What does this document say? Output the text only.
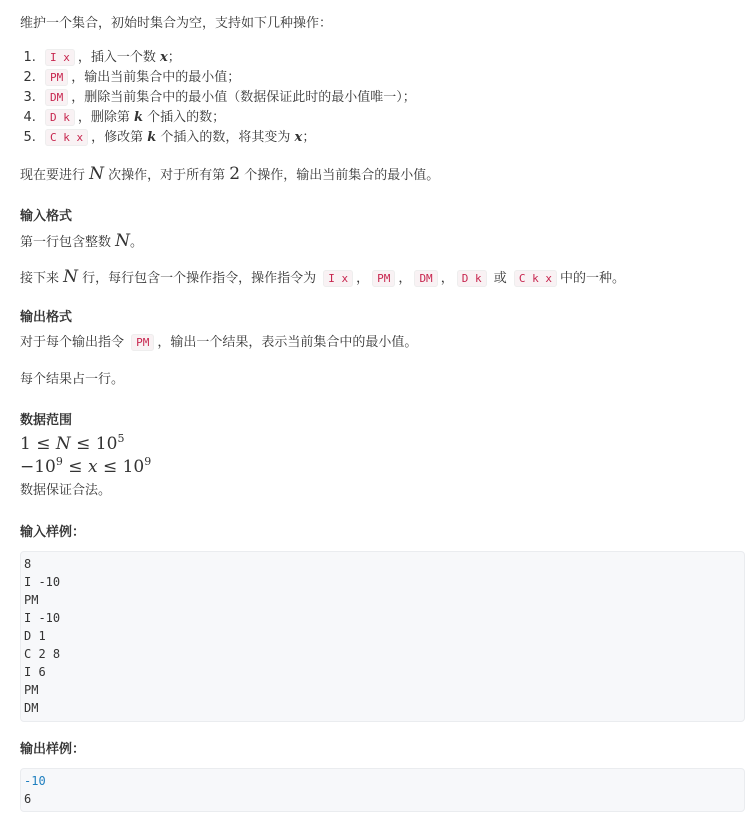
维护一个集合，初始时集合为空，支持如下几种操作：

1. I x ，插入一个数 x；
2. PM ，输出当前集合中的最小值；
3. DM ，删除当前集合中的最小值（数据保证此时的最小值唯一）；
4. D k ，删除第 k 个插入的数；
5. C k x ，修改第 k 个插入的数，将其变为 x；

现在要进行 N 次操作，对于所有第 2 个操作，输出当前集合的最小值。

输入格式

第一行包含整数 N。

接下来 N 行，每行包含一个操作指令，操作指令为 I x ， PM ， DM ， D k 或 C k x 中的一种。

输出格式

对于每个输出指令 PM ，输出一个结果，表示当前集合中的最小值。

每个结果占一行。

数据范围

$1 \le N \le 10^5$

$-10^9 \le x \le 10^9$

数据保证合法。

输入样例：
8
I -10
PM
I -10
D 1
C 2 8
I 6
PM
DM
输出样例：
-10
6
